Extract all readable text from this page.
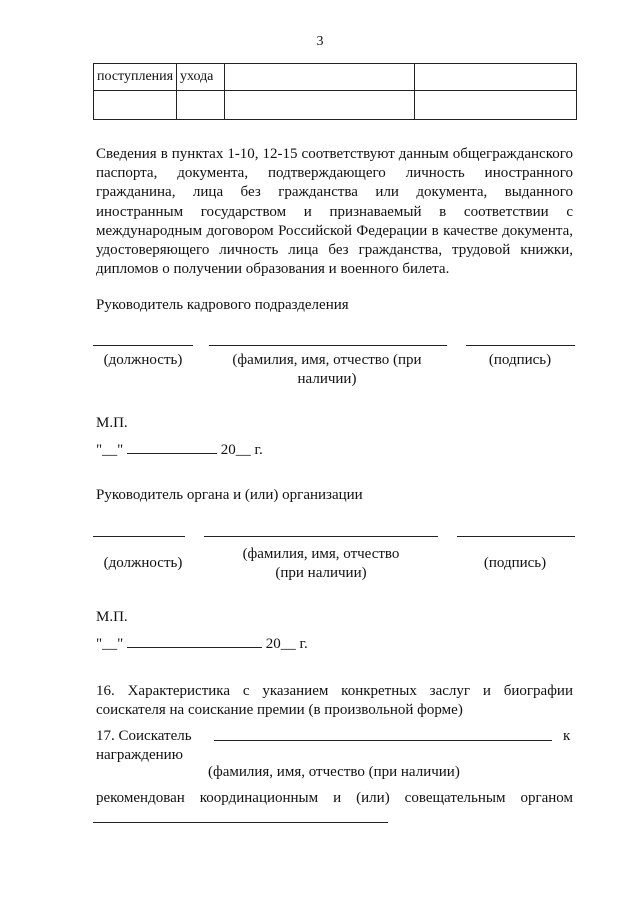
3
поступления	ухода		

Сведения в пунктах 1-10, 12-15 соответствуют данным общегражданского паспорта, документа, подтверждающего личность иностранного гражданина, лица без гражданства или документа, выданного иностранным государством и признаваемый в соответствии с международным договором Российской Федерации в качестве документа, удостоверяющего личность лица без гражданства, трудовой книжки, дипломов о получении образования и военного билета.
Руководитель кадрового подразделения
(должность)	(фамилия, имя, отчество (при наличии)
(подпись)
М.П.
"__"	20__ г.
Руководитель органа и (или) организации
(должность)
(фамилия, имя, отчество
(при наличии)
(подпись)
М.П.
"__"	20__ г.
16. Характеристика с указанием конкретных заслуг и биографии соискателя на соискание премии (в произвольной форме)
17. Соискатель	к
награждению
(фамилия, имя, отчество (при наличии)
рекомендован координационным и (или) совещательным органом
